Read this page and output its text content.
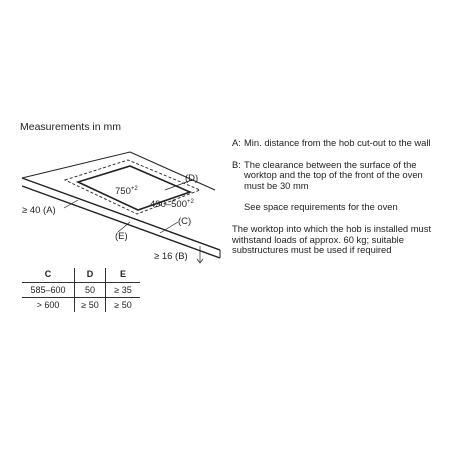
Measurements in mm
(D)
$750^{+2}$
$490-500^{+2}$
≥ 40 (A)
(C)
(E)
≥ 16 (B)
A: Min. distance from the hob cut-out to the wall
B: The clearance between the surface of the worktop and the top of the front of the oven must be 30 mm
See space requirements for the oven
The worktop into which the hob is installed must withstand loads of approx. 60 kg; suitable substructures must be used if required
C	D	E
585–600	50	≥ 35
> 600	≥ 50	≥ 50
